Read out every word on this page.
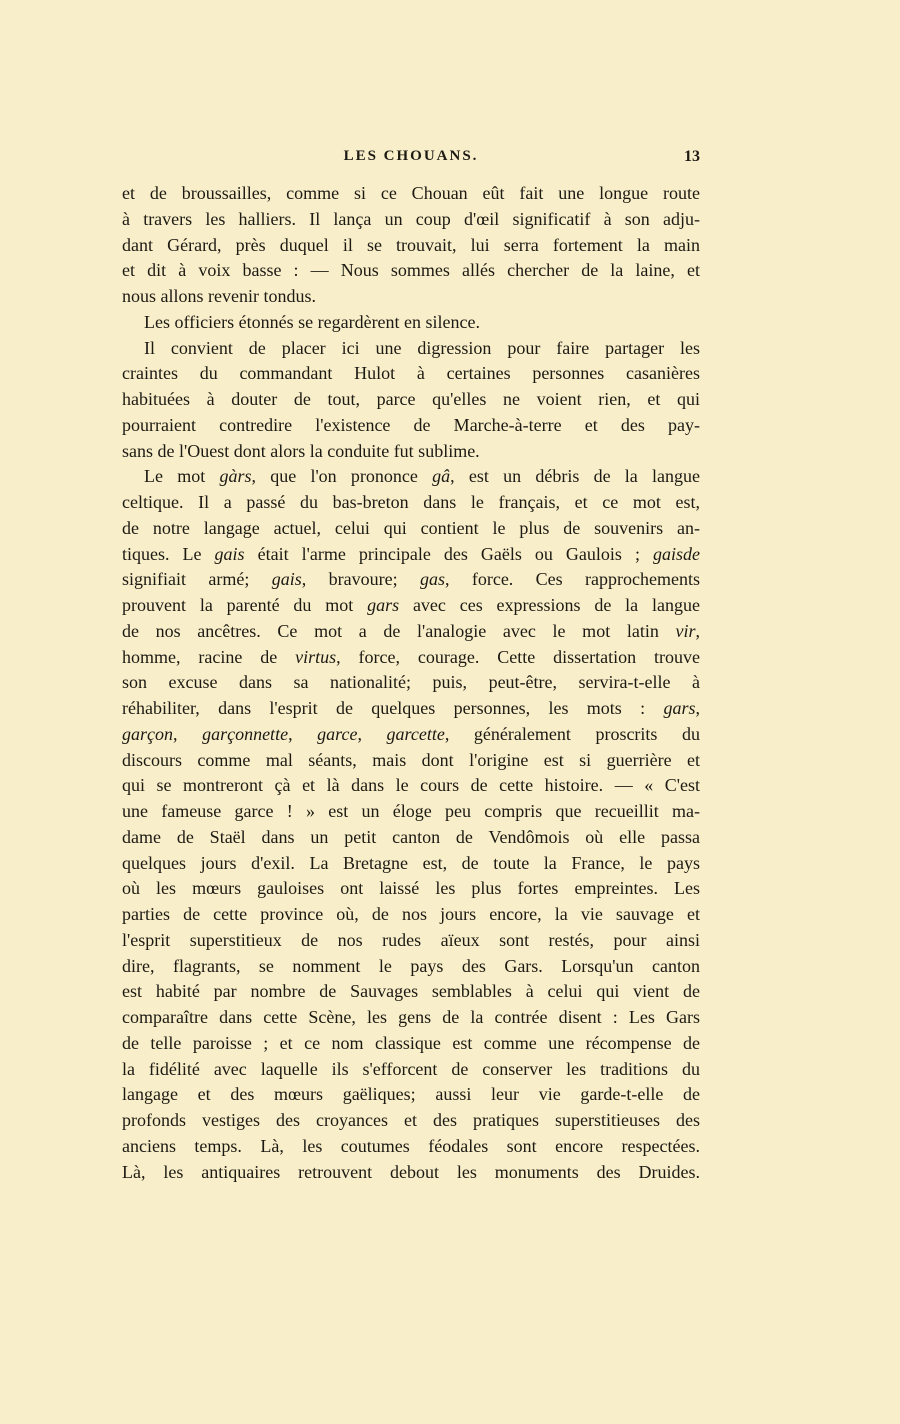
LES CHOUANS.	13
et de broussailles, comme si ce Chouan eût fait une longue route
à travers les halliers. Il lança un coup d'œil significatif à son adju-
dant Gérard, près duquel il se trouvait, lui serra fortement la main
et dit à voix basse : — Nous sommes allés chercher de la laine, et
nous allons revenir tondus.
Les officiers étonnés se regardèrent en silence.
Il convient de placer ici une digression pour faire partager les
craintes du commandant Hulot à certaines personnes casanières
habituées à douter de tout, parce qu'elles ne voient rien, et qui
pourraient contredire l'existence de Marche-à-terre et des pay-
sans de l'Ouest dont alors la conduite fut sublime.
Le mot gàrs, que l'on prononce gâ, est un débris de la langue
celtique. Il a passé du bas-breton dans le français, et ce mot est,
de notre langage actuel, celui qui contient le plus de souvenirs an-
tiques. Le gais était l'arme principale des Gaëls ou Gaulois ; gaisde
signifiait armé; gais, bravoure; gas, force. Ces rapprochements
prouvent la parenté du mot gars avec ces expressions de la langue
de nos ancêtres. Ce mot a de l'analogie avec le mot latin vir,
homme, racine de virtus, force, courage. Cette dissertation trouve
son excuse dans sa nationalité; puis, peut-être, servira-t-elle à
réhabiliter, dans l'esprit de quelques personnes, les mots : gars,
garçon, garçonnette, garce, garcette, généralement proscrits du
discours comme mal séants, mais dont l'origine est si guerrière et
qui se montreront çà et là dans le cours de cette histoire. — « C'est
une fameuse garce ! » est un éloge peu compris que recueillit ma-
dame de Staël dans un petit canton de Vendômois où elle passa
quelques jours d'exil. La Bretagne est, de toute la France, le pays
où les mœurs gauloises ont laissé les plus fortes empreintes. Les
parties de cette province où, de nos jours encore, la vie sauvage et
l'esprit superstitieux de nos rudes aïeux sont restés, pour ainsi
dire, flagrants, se nomment le pays des Gars. Lorsqu'un canton
est habité par nombre de Sauvages semblables à celui qui vient de
comparaître dans cette Scène, les gens de la contrée disent : Les Gars
de telle paroisse ; et ce nom classique est comme une récompense de
la fidélité avec laquelle ils s'efforcent de conserver les traditions du
langage et des mœurs gaëliques; aussi leur vie garde-t-elle de
profonds vestiges des croyances et des pratiques superstitieuses des
anciens temps. Là, les coutumes féodales sont encore respectées.
Là, les antiquaires retrouvent debout les monuments des Druides.
